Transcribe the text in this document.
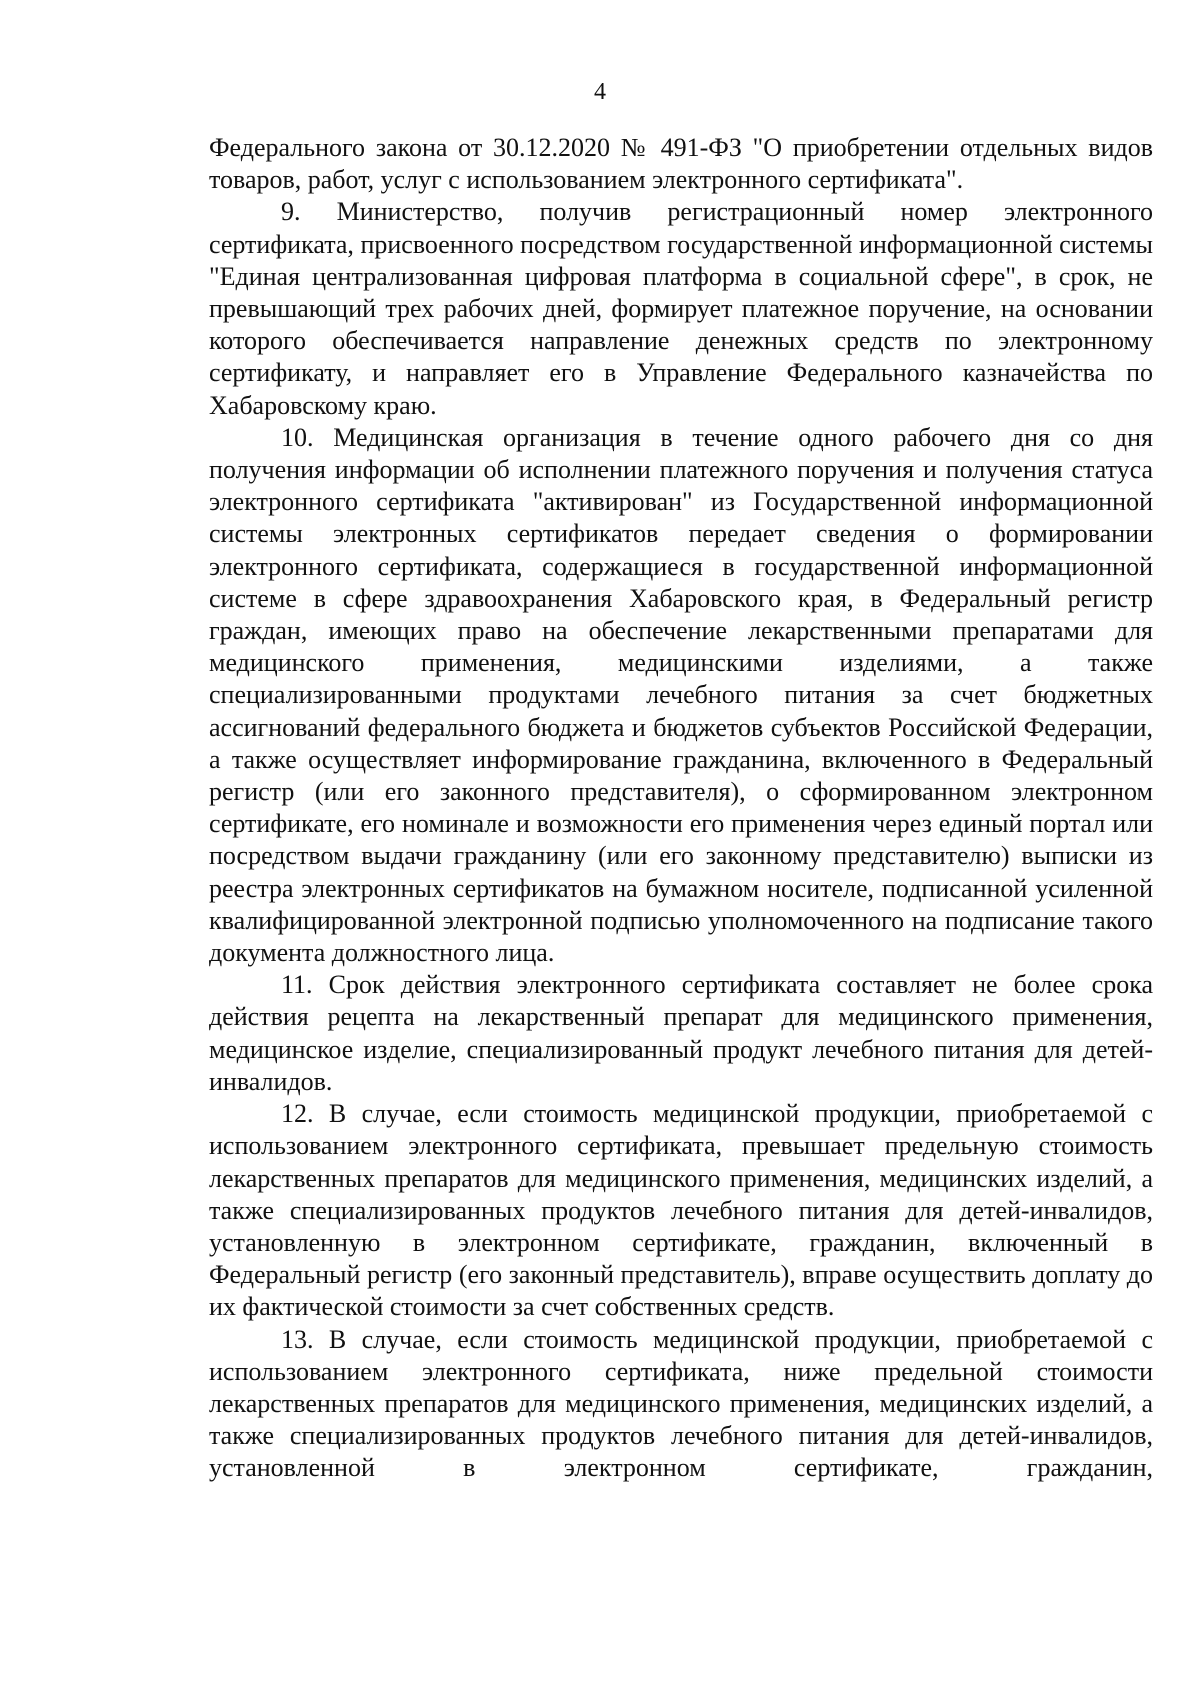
4

Федерального закона от 30.12.2020 № 491-ФЗ "О приобретении отдельных видов товаров, работ, услуг с использованием электронного сертификата".

9. Министерство, получив регистрационный номер электронного сертификата, присвоенного посредством государственной информационной системы "Единая централизованная цифровая платформа в социальной сфере", в срок, не превышающий трех рабочих дней, формирует платежное поручение, на основании которого обеспечивается направление денежных средств по электронному сертификату, и направляет его в Управление Федерального казначейства по Хабаровскому краю.

10. Медицинская организация в течение одного рабочего дня со дня получения информации об исполнении платежного поручения и получения статуса электронного сертификата "активирован" из Государственной информационной системы электронных сертификатов передает сведения о формировании электронного сертификата, содержащиеся в государственной информационной системе в сфере здравоохранения Хабаровского края, в Федеральный регистр граждан, имеющих право на обеспечение лекарственными препаратами для медицинского применения, медицинскими изделиями, а также специализированными продуктами лечебного питания за счет бюджетных ассигнований федерального бюджета и бюджетов субъектов Российской Федерации, а также осуществляет информирование гражданина, включенного в Федеральный регистр (или его законного представителя), о сформированном электронном сертификате, его номинале и возможности его применения через единый портал или посредством выдачи гражданину (или его законному представителю) выписки из реестра электронных сертификатов на бумажном носителе, подписанной усиленной квалифицированной электронной подписью уполномоченного на подписание такого документа должностного лица.

11. Срок действия электронного сертификата составляет не более срока действия рецепта на лекарственный препарат для медицинского применения, медицинское изделие, специализированный продукт лечебного питания для детей-инвалидов.

12. В случае, если стоимость медицинской продукции, приобретаемой с использованием электронного сертификата, превышает предельную стоимость лекарственных препаратов для медицинского применения, медицинских изделий, а также специализированных продуктов лечебного питания для детей-инвалидов, установленную в электронном сертификате, гражданин, включенный в Федеральный регистр (его законный представитель), вправе осуществить доплату до их фактической стоимости за счет собственных средств.

13. В случае, если стоимость медицинской продукции, приобретаемой с использованием электронного сертификата, ниже предельной стоимости лекарственных препаратов для медицинского применения, медицинских изделий, а также специализированных продуктов лечебного питания для детей-инвалидов, установленной в электронном сертификате, гражданин,
